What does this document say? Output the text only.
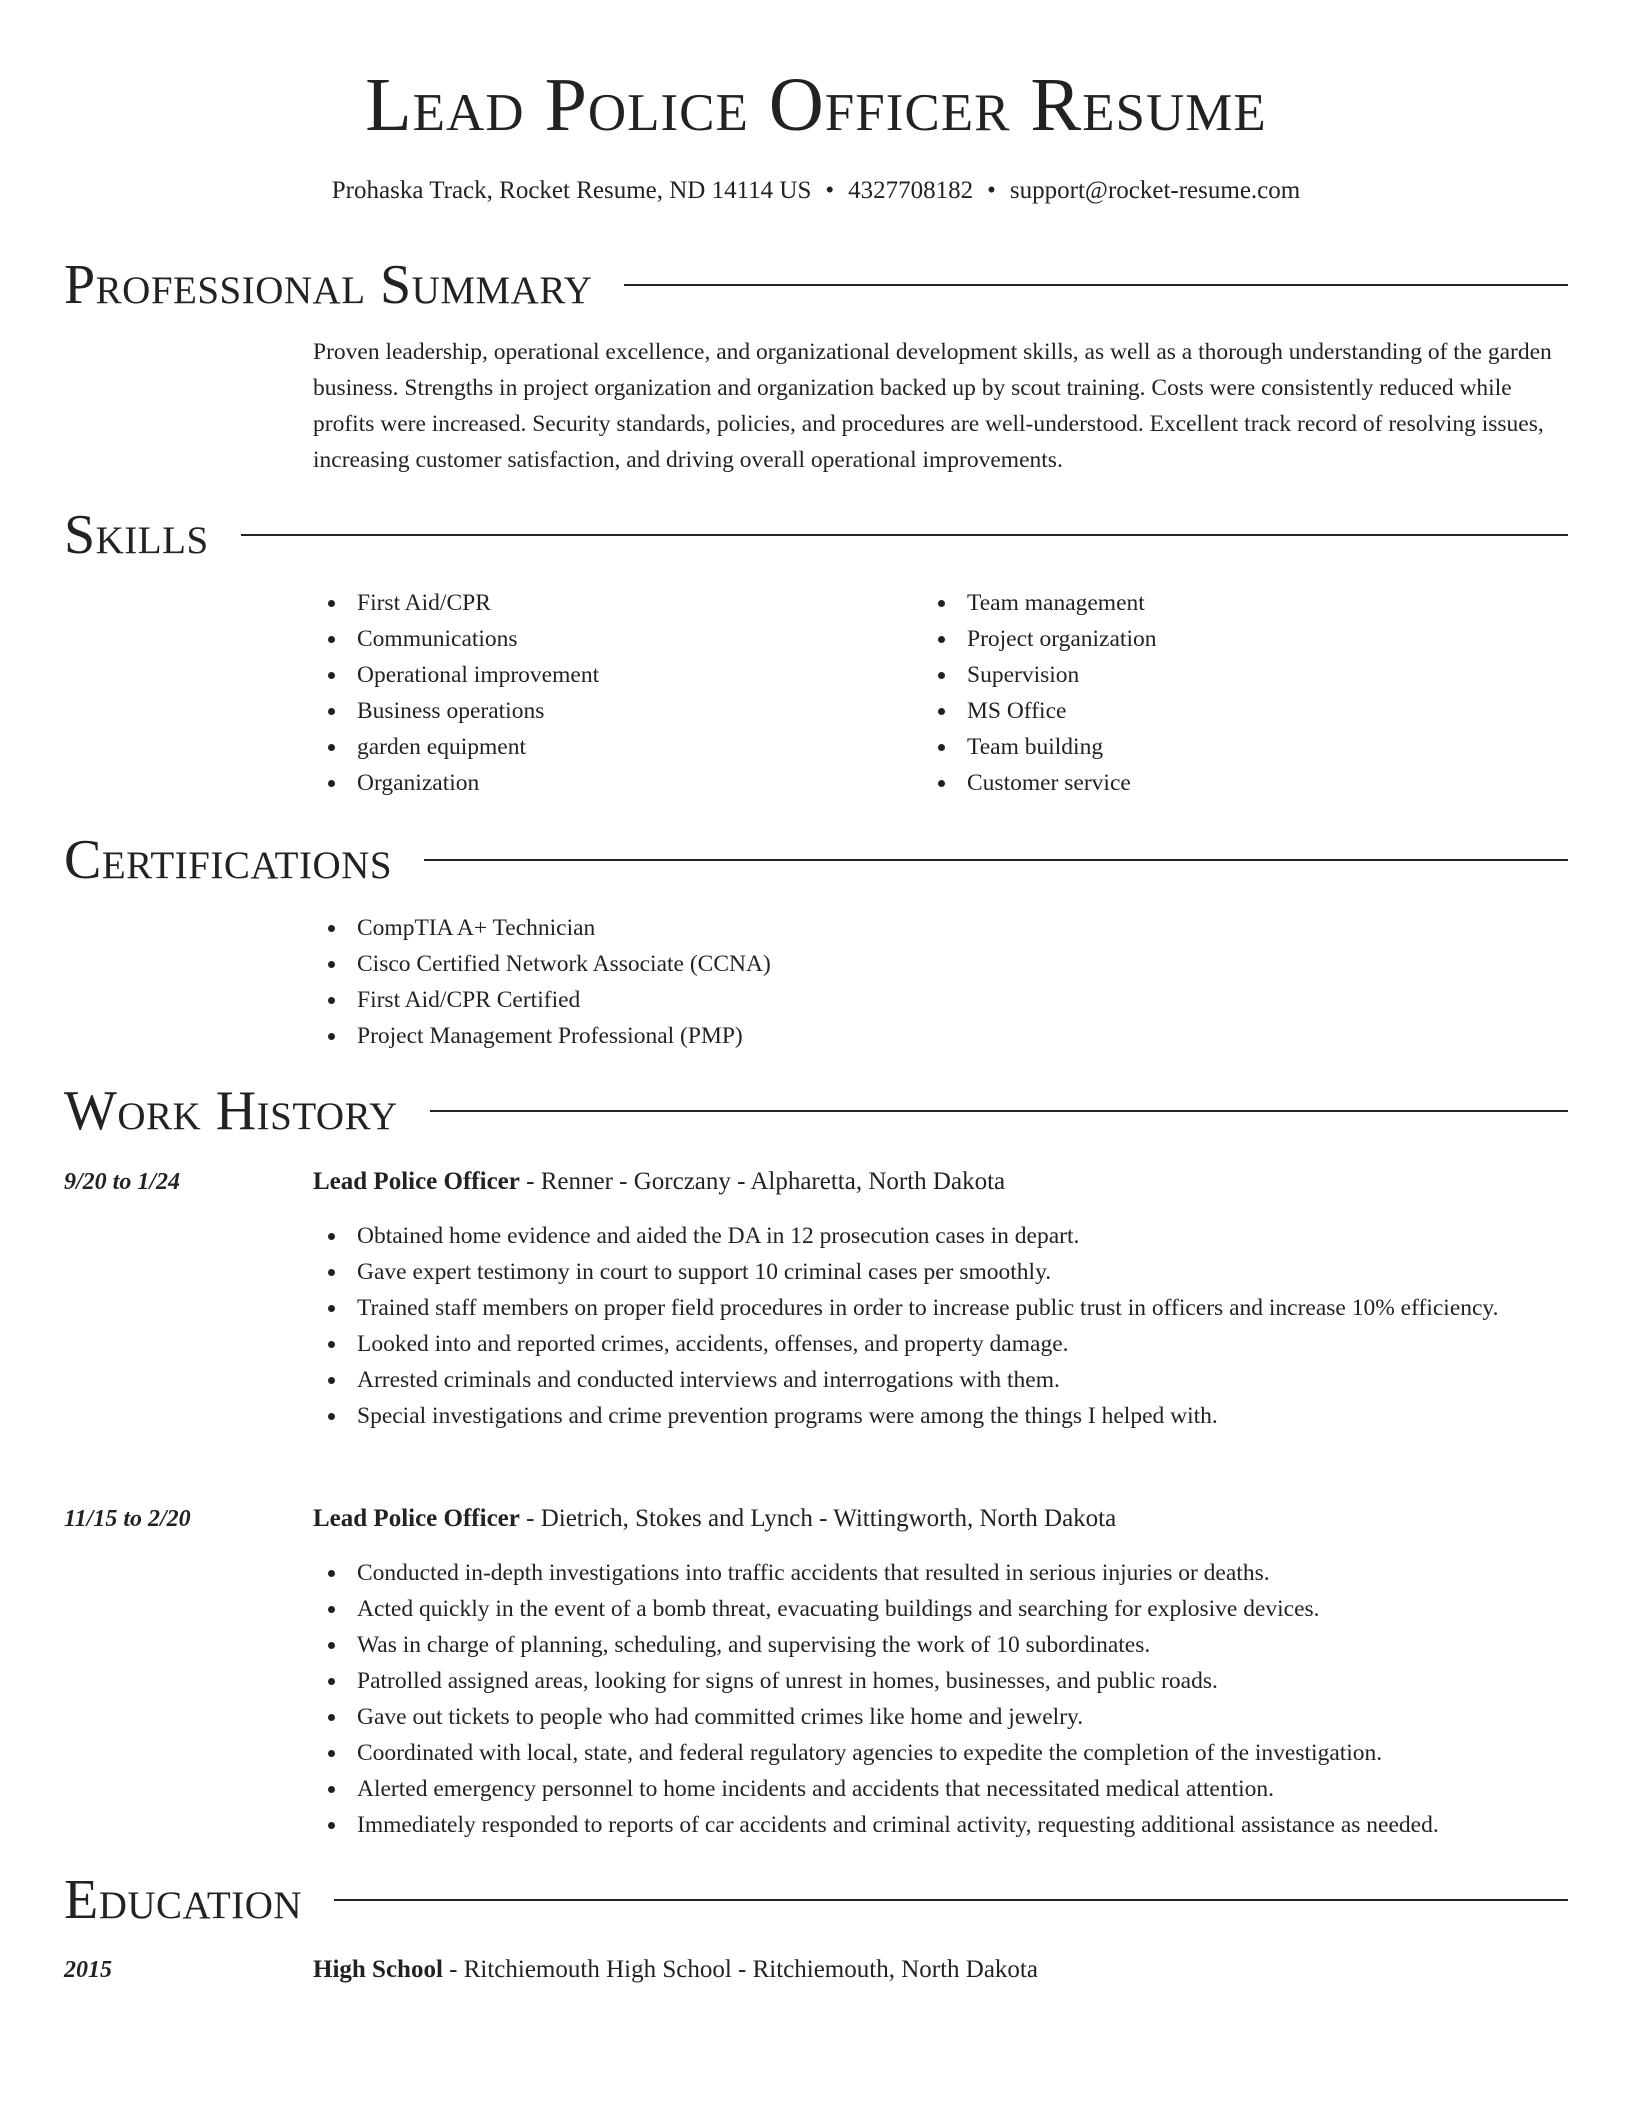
Lead Police Officer Resume
Prohaska Track, Rocket Resume, ND 14114 US • 4327708182 • support@rocket-resume.com
Professional Summary

Proven leadership, operational excellence, and organizational development skills, as well as a thorough understanding of the garden business. Strengths in project organization and organization backed up by scout training. Costs were consistently reduced while profits were increased. Security standards, policies, and procedures are well-understood. Excellent track record of resolving issues, increasing customer satisfaction, and driving overall operational improvements.

Skills
First Aid/CPR
Communications
Operational improvement
Business operations
garden equipment
Organization
Team management
Project organization
Supervision
MS Office
Team building
Customer service
Certifications
CompTIA A+ Technician
Cisco Certified Network Associate (CCNA)
First Aid/CPR Certified
Project Management Professional (PMP)
Work History
9/20 to 1/24	Lead Police Officer - Renner - Gorczany - Alpharetta, North Dakota
Obtained home evidence and aided the DA in 12 prosecution cases in depart.
Gave expert testimony in court to support 10 criminal cases per smoothly.
Trained staff members on proper field procedures in order to increase public trust in officers and increase 10% efficiency.
Looked into and reported crimes, accidents, offenses, and property damage.
Arrested criminals and conducted interviews and interrogations with them.
Special investigations and crime prevention programs were among the things I helped with.
11/15 to 2/20	Lead Police Officer - Dietrich, Stokes and Lynch - Wittingworth, North Dakota
Conducted in-depth investigations into traffic accidents that resulted in serious injuries or deaths.
Acted quickly in the event of a bomb threat, evacuating buildings and searching for explosive devices.
Was in charge of planning, scheduling, and supervising the work of 10 subordinates.
Patrolled assigned areas, looking for signs of unrest in homes, businesses, and public roads.
Gave out tickets to people who had committed crimes like home and jewelry.
Coordinated with local, state, and federal regulatory agencies to expedite the completion of the investigation.
Alerted emergency personnel to home incidents and accidents that necessitated medical attention.
Immediately responded to reports of car accidents and criminal activity, requesting additional assistance as needed.
Education
2015	High School - Ritchiemouth High School - Ritchiemouth, North Dakota
